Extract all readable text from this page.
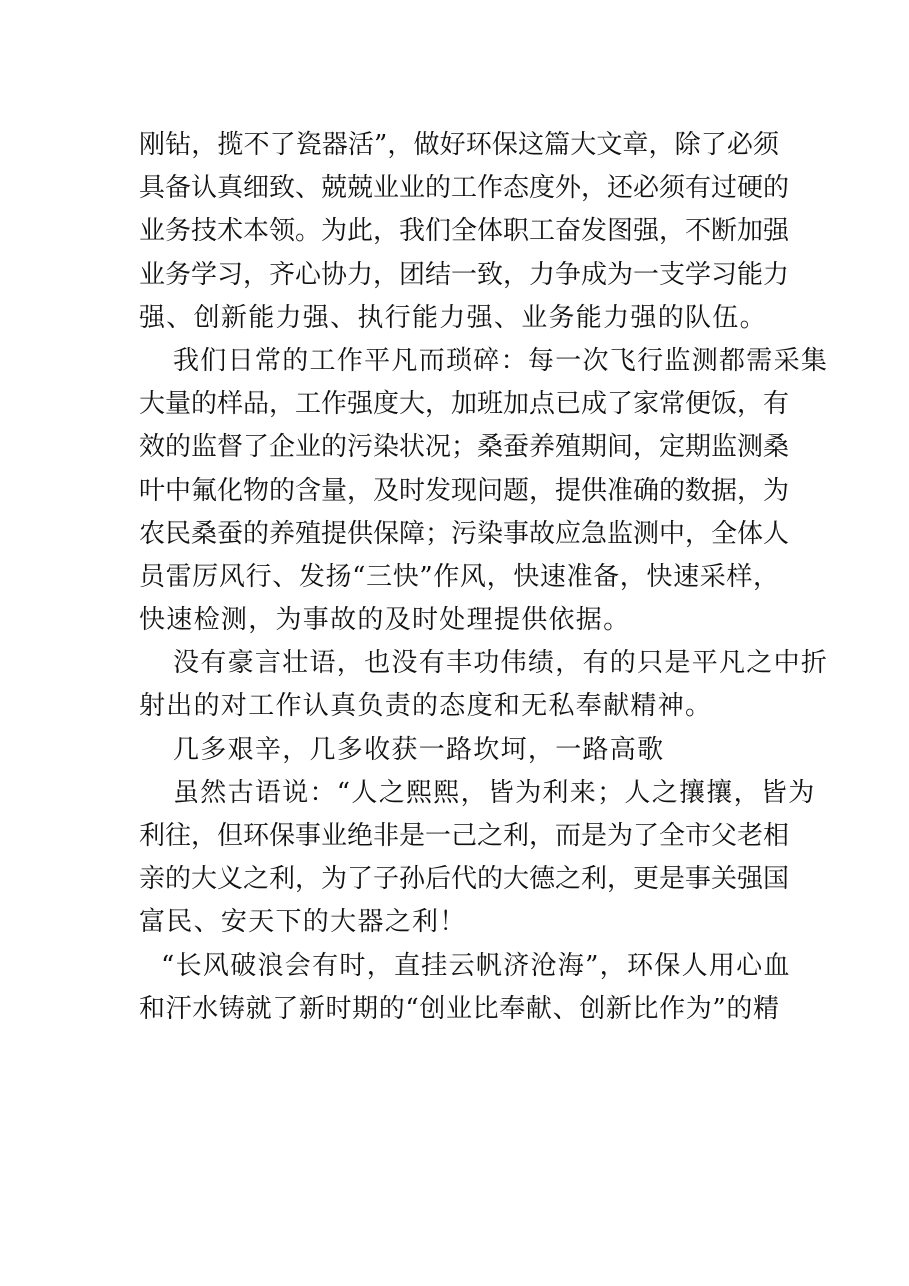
刚钻，揽不了瓷器活”，做好环保这篇大文章，除了必须
具备认真细致、兢兢业业的工作态度外，还必须有过硬的
业务技术本领。为此，我们全体职工奋发图强，不断加强
业务学习，齐心协力，团结一致，力争成为一支学习能力
强、创新能力强、执行能力强、业务能力强的队伍。
我们日常的工作平凡而琐碎：每一次飞行监测都需采集
大量的样品，工作强度大，加班加点已成了家常便饭，有
效的监督了企业的污染状况；桑蚕养殖期间，定期监测桑
叶中氟化物的含量，及时发现问题，提供准确的数据，为
农民桑蚕的养殖提供保障；污染事故应急监测中，全体人
员雷厉风行、发扬“三快”作风，快速准备，快速采样，
快速检测，为事故的及时处理提供依据。
没有豪言壮语，也没有丰功伟绩，有的只是平凡之中折
射出的对工作认真负责的态度和无私奉献精神。
几多艰辛，几多收获一路坎坷，一路高歌
虽然古语说：“人之熙熙，皆为利来；人之攘攘，皆为
利往，但环保事业绝非是一己之利，而是为了全市父老相
亲的大义之利，为了子孙后代的大德之利，更是事关强国
富民、安天下的大器之利！
“长风破浪会有时，直挂云帆济沧海”，环保人用心血
和汗水铸就了新时期的“创业比奉献、创新比作为”的精
